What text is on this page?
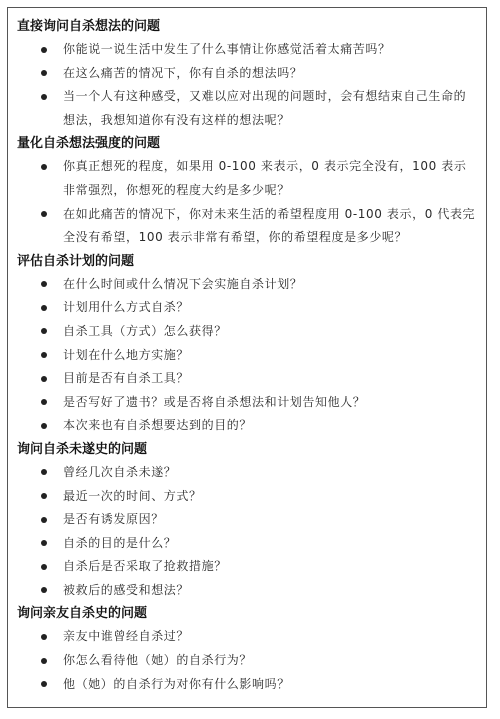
直接询问自杀想法的问题
你能说一说生活中发生了什么事情让你感觉活着太痛苦吗？
在这么痛苦的情况下，你有自杀的想法吗？
当一个人有这种感受，又难以应对出现的问题时，会有想结束自己生命的想法，我想知道你有没有这样的想法呢？
量化自杀想法强度的问题
你真正想死的程度，如果用 0-100 来表示，0 表示完全没有，100 表示非常强烈，你想死的程度大约是多少呢？
在如此痛苦的情况下，你对未来生活的希望程度用 0-100 表示，0 代表完全没有希望，100 表示非常有希望，你的希望程度是多少呢？
评估自杀计划的问题
在什么时间或什么情况下会实施自杀计划？
计划用什么方式自杀？
自杀工具（方式）怎么获得？
计划在什么地方实施？
目前是否有自杀工具？
是否写好了遗书？或是否将自杀想法和计划告知他人？
本次来也有自杀想要达到的目的？
询问自杀未遂史的问题
曾经几次自杀未遂？
最近一次的时间、方式？
是否有诱发原因？
自杀的目的是什么？
自杀后是否采取了抢救措施？
被救后的感受和想法？
询问亲友自杀史的问题
亲友中谁曾经自杀过？
你怎么看待他（她）的自杀行为？
他（她）的自杀行为对你有什么影响吗？
